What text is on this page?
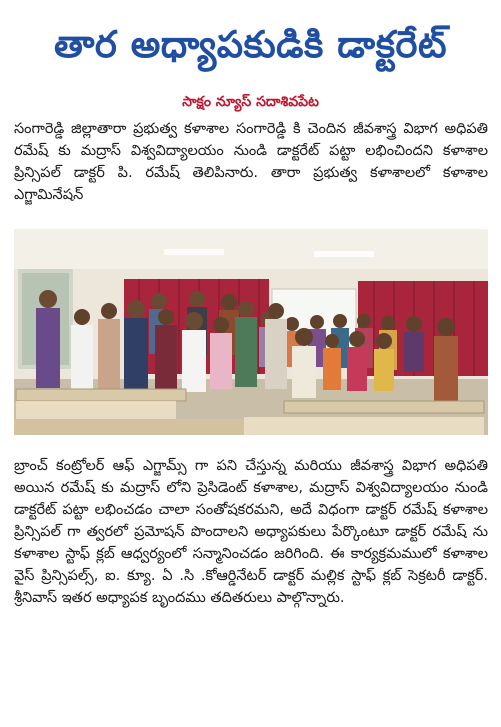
తార అధ్యాపకుడికి డాక్టరేట్
సాక్షం న్యూస్ సదాశివపేట

సంగారెడ్డి జిల్లాతారా ప్రభుత్వ కళాశాల సంగారెడ్డి కి చెందిన జీవశాస్త్ర విభాగ అధిపతి రమేష్ కు మద్రాస్ విశ్వవిద్యాలయం నుండి డాక్టరేట్ పట్టా లభించిందని కళాశాల ప్రిన్సిపల్ డాక్టర్ పి. రమేష్ తెలిపినారు. తారా ప్రభుత్వ కళాశాలలో కళాశాల ఎగ్జామినేషన్

బ్రాంచ్ కంట్రోలర్ ఆఫ్ ఎగ్జామ్స్ గా పని చేస్తున్న మరియు జీవశాస్త్ర విభాగ అధిపతి అయిన రమేష్ కు మద్రాస్ లోని ప్రెసిడెంట్ కళాశాల, మద్రాస్ విశ్వవిద్యాలయం నుండి డాక్టరేట్ పట్టా లభించడం చాలా సంతోషకరమని, అదే విధంగా డాక్టర్ రమేష్ కళాశాల ప్రిన్సిపల్ గా త్వరలో ప్రమోషన్ పొందాలని అధ్యాపకులు పేర్కొంటూ డాక్టర్ రమేష్ ను కళాశాల స్టాఫ్ క్లబ్ ఆధ్వర్యంలో సన్మానించడం జరిగింది. ఈ కార్యక్రమములో కళాశాల వైస్ ప్రిన్సిపల్స్, ఐ. క్యూ. ఏ .సి .కోఆర్డినేటర్ డాక్టర్ మల్లిక స్టాఫ్ క్లబ్ సెక్రటరీ డాక్టర్. శ్రీనివాస్ ఇతర అధ్యాపక బృందము తదితరులు పాల్గొన్నారు.
